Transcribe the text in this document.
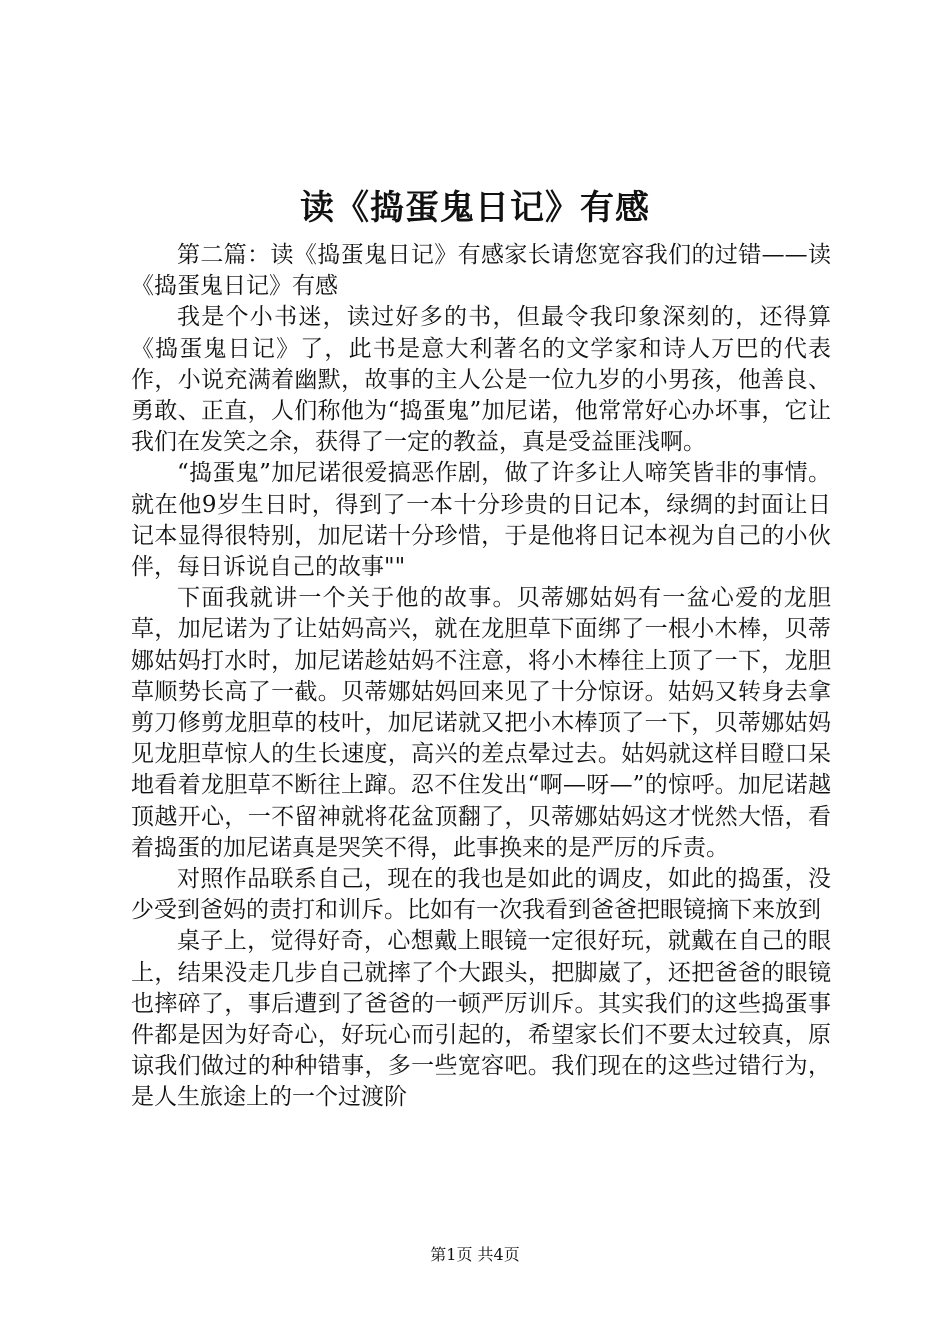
读《捣蛋鬼日记》有感

第二篇：读《捣蛋鬼日记》有感家长请您宽容我们的过错——读《捣蛋鬼日记》有感

我是个小书迷，读过好多的书，但最令我印象深刻的，还得算《捣蛋鬼日记》了，此书是意大利著名的文学家和诗人万巴的代表作，小说充满着幽默，故事的主人公是一位九岁的小男孩，他善良、勇敢、正直，人们称他为“捣蛋鬼”加尼诺，他常常好心办坏事，它让我们在发笑之余，获得了一定的教益，真是受益匪浅啊。

“捣蛋鬼”加尼诺很爱搞恶作剧，做了许多让人啼笑皆非的事情。就在他9岁生日时，得到了一本十分珍贵的日记本，绿绸的封面让日记本显得很特别，加尼诺十分珍惜，于是他将日记本视为自己的小伙伴，每日诉说自己的故事""

下面我就讲一个关于他的故事。贝蒂娜姑妈有一盆心爱的龙胆草，加尼诺为了让姑妈高兴，就在龙胆草下面绑了一根小木棒，贝蒂娜姑妈打水时，加尼诺趁姑妈不注意，将小木棒往上顶了一下，龙胆草顺势长高了一截。贝蒂娜姑妈回来见了十分惊讶。姑妈又转身去拿剪刀修剪龙胆草的枝叶，加尼诺就又把小木棒顶了一下，贝蒂娜姑妈见龙胆草惊人的生长速度，高兴的差点晕过去。姑妈就这样目瞪口呆地看着龙胆草不断往上蹿。忍不住发出“啊—呀—”的惊呼。加尼诺越顶越开心，一不留神就将花盆顶翻了，贝蒂娜姑妈这才恍然大悟，看着捣蛋的加尼诺真是哭笑不得，此事换来的是严厉的斥责。

对照作品联系自己，现在的我也是如此的调皮，如此的捣蛋，没少受到爸妈的责打和训斥。比如有一次我看到爸爸把眼镜摘下来放到

桌子上，觉得好奇，心想戴上眼镜一定很好玩，就戴在自己的眼上，结果没走几步自己就摔了个大跟头，把脚崴了，还把爸爸的眼镜也摔碎了，事后遭到了爸爸的一顿严厉训斥。其实我们的这些捣蛋事件都是因为好奇心，好玩心而引起的，希望家长们不要太过较真，原谅我们做过的种种错事，多一些宽容吧。我们现在的这些过错行为，是人生旅途上的一个过渡阶

第1页 共4页
